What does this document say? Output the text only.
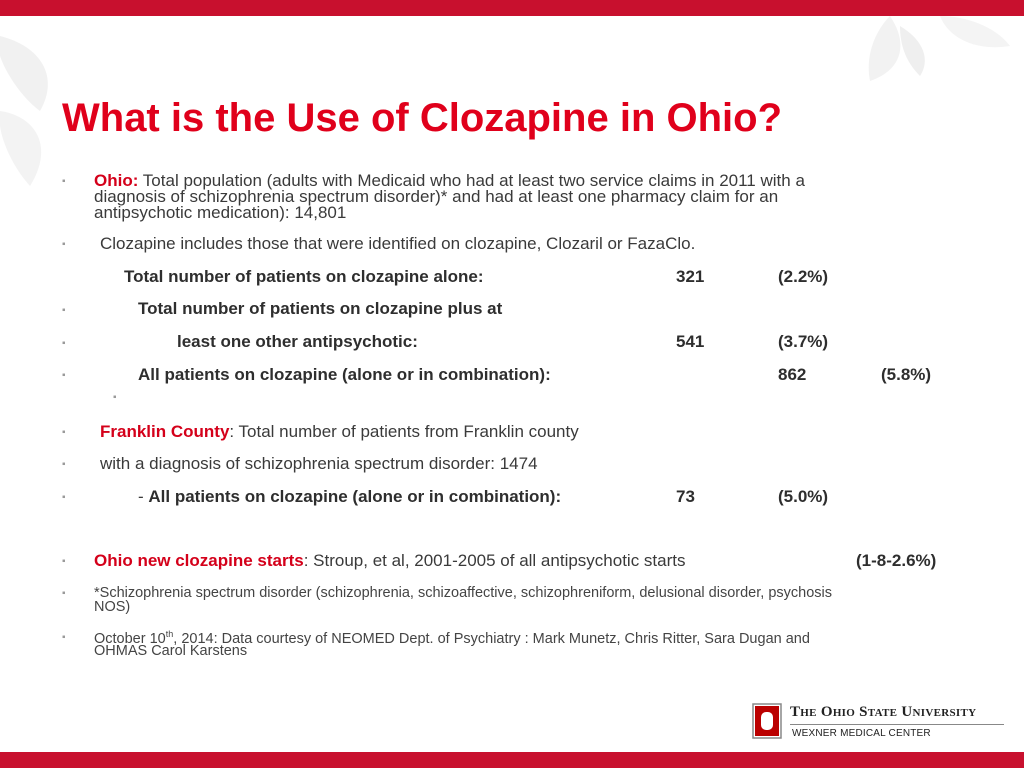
What is the Use of Clozapine in Ohio?
▪ Ohio: Total population (adults with Medicaid who had at least two service claims in 2011 with a
diagnosis of schizophrenia spectrum disorder)* and had at least one pharmacy claim for an
antipsychotic medication): 14,801
▪ Clozapine includes those that were identified on clozapine, Clozaril or FazaClo.
Total number of patients on clozapine alone:	321	(2.2%)
▪	Total number of patients on clozapine plus at
▪	least one other antipsychotic:	541	(3.7%)
▪	All patients on clozapine (alone or in combination):	862	(5.8%)
▪
▪ Franklin County: Total number of patients from Franklin county
▪ with a diagnosis of schizophrenia spectrum disorder: 1474
▪	- All patients on clozapine (alone or in combination):	73	(5.0%)
▪ Ohio new clozapine starts: Stroup, et al, 2001-2005 of all antipsychotic starts	(1-8-2.6%)
▪ *Schizophrenia spectrum disorder (schizophrenia, schizoaffective, schizophreniform, delusional disorder, psychosis
NOS)
▪ October 10th, 2014: Data courtesy of NEOMED Dept. of Psychiatry : Mark Munetz, Chris Ritter, Sara Dugan and
OHMAS Carol Karstens
O
The Ohio State University
WEXNER MEDICAL CENTER
